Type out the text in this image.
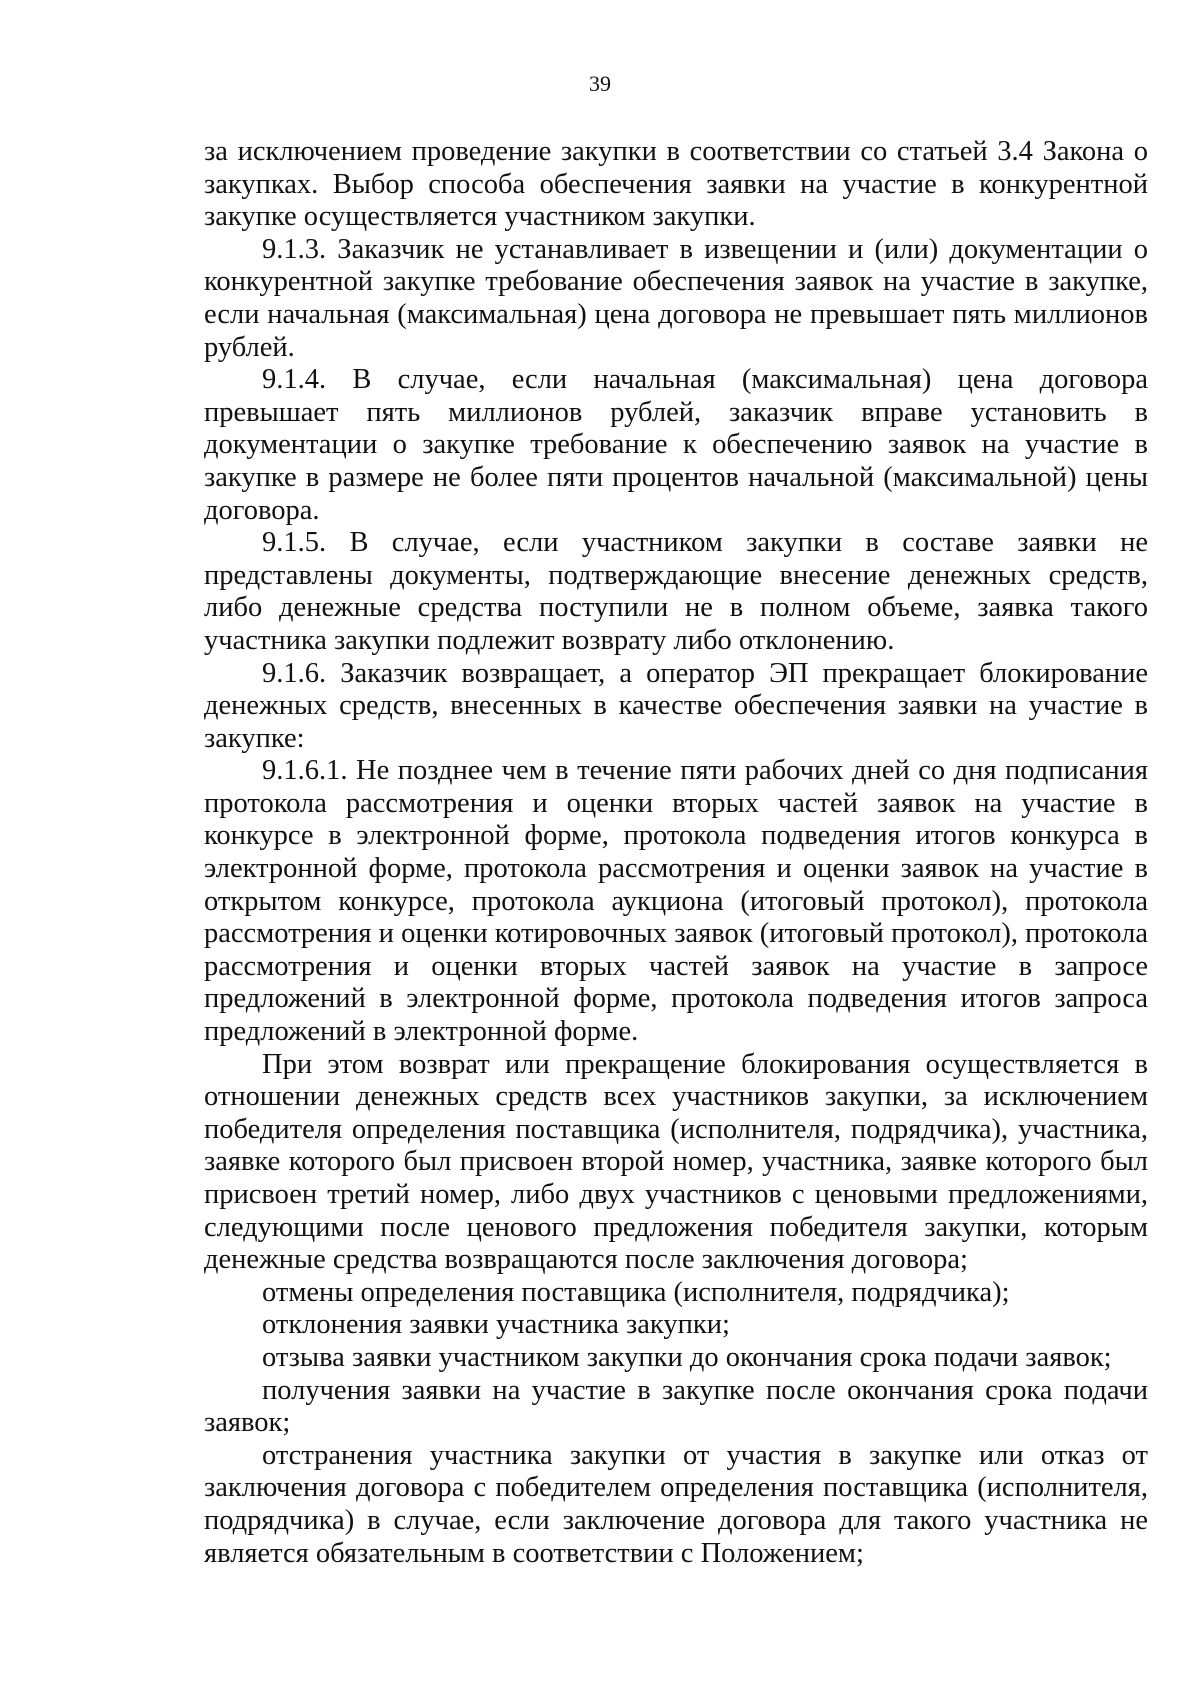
39

за исключением проведение закупки в соответствии со статьей 3.4 Закона о закупках. Выбор способа обеспечения заявки на участие в конкурентной закупке осуществляется участником закупки.

9.1.3. Заказчик не устанавливает в извещении и (или) документации о конкурентной закупке требование обеспечения заявок на участие в закупке, если начальная (максимальная) цена договора не превышает пять миллионов рублей.

9.1.4. В случае, если начальная (максимальная) цена договора превышает пять миллионов рублей, заказчик вправе установить в документации о закупке требование к обеспечению заявок на участие в закупке в размере не более пяти процентов начальной (максимальной) цены договора.

9.1.5. В случае, если участником закупки в составе заявки не представлены документы, подтверждающие внесение денежных средств, либо денежные средства поступили не в полном объеме, заявка такого участника закупки подлежит возврату либо отклонению.

9.1.6. Заказчик возвращает, а оператор ЭП прекращает блокирование денежных средств, внесенных в качестве обеспечения заявки на участие в закупке:

9.1.6.1. Не позднее чем в течение пяти рабочих дней со дня подписания протокола рассмотрения и оценки вторых частей заявок на участие в конкурсе в электронной форме, протокола подведения итогов конкурса в электронной форме, протокола рассмотрения и оценки заявок на участие в открытом конкурсе, протокола аукциона (итоговый протокол), протокола рассмотрения и оценки котировочных заявок (итоговый протокол), протокола рассмотрения и оценки вторых частей заявок на участие в запросе предложений в электронной форме, протокола подведения итогов запроса предложений в электронной форме.

При этом возврат или прекращение блокирования осуществляется в отношении денежных средств всех участников закупки, за исключением победителя определения поставщика (исполнителя, подрядчика), участника, заявке которого был присвоен второй номер, участника, заявке которого был присвоен третий номер, либо двух участников с ценовыми предложениями, следующими после ценового предложения победителя закупки, которым денежные средства возвращаются после заключения договора;

отмены определения поставщика (исполнителя, подрядчика);

отклонения заявки участника закупки;

отзыва заявки участником закупки до окончания срока подачи заявок;

получения заявки на участие в закупке после окончания срока подачи заявок;

отстранения участника закупки от участия в закупке или отказ от заключения договора с победителем определения поставщика (исполнителя, подрядчика) в случае, если заключение договора для такого участника не является обязательным в соответствии с Положением;
